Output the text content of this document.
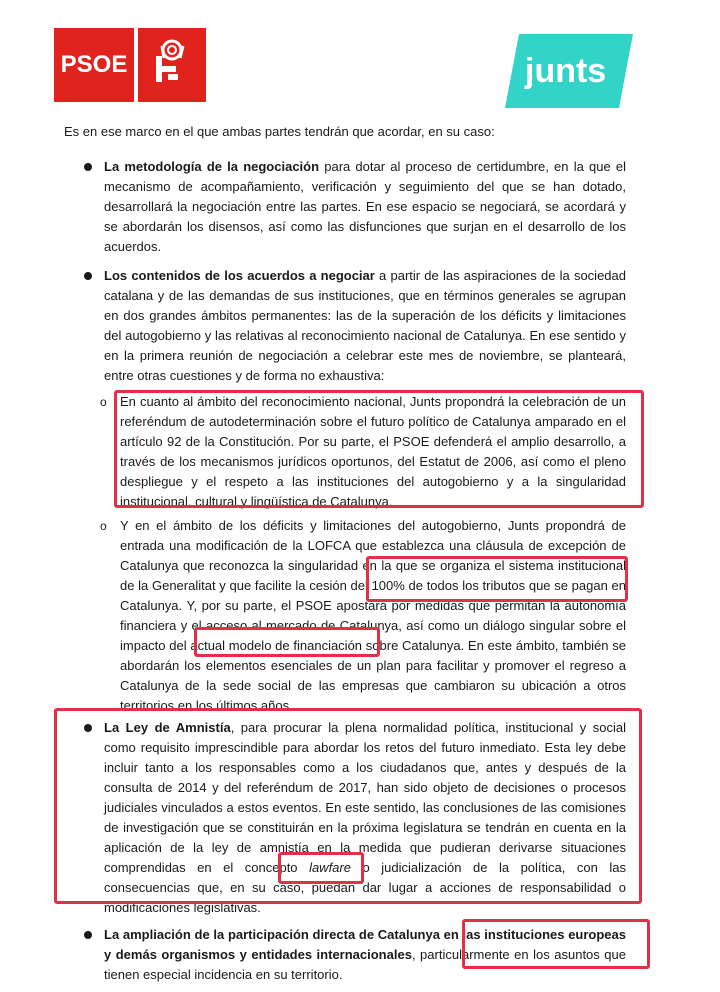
PSOE	junts
Es en ese marco en el que ambas partes tendrán que acordar, en su caso:
La metodología de la negociación para dotar al proceso de certidumbre, en la que el mecanismo de acompañamiento, verificación y seguimiento del que se han dotado, desarrollará la negociación entre las partes. En ese espacio se negociará, se acordará y se abordarán los disensos, así como las disfunciones que surjan en el desarrollo de los acuerdos.
Los contenidos de los acuerdos a negociar a partir de las aspiraciones de la sociedad catalana y de las demandas de sus instituciones, que en términos generales se agrupan en dos grandes ámbitos permanentes: las de la superación de los déficits y limitaciones del autogobierno y las relativas al reconocimiento nacional de Catalunya. En ese sentido y en la primera reunión de negociación a celebrar este mes de noviembre, se planteará, entre otras cuestiones y de forma no exhaustiva:
o En cuanto al ámbito del reconocimiento nacional, Junts propondrá la celebración de un referéndum de autodeterminación sobre el futuro político de Catalunya amparado en el artículo 92 de la Constitución. Por su parte, el PSOE defenderá el amplio desarrollo, a través de los mecanismos jurídicos oportunos, del Estatut de 2006, así como el pleno despliegue y el respeto a las instituciones del autogobierno y a la singularidad institucional, cultural y lingüística de Catalunya.
o Y en el ámbito de los déficits y limitaciones del autogobierno, Junts propondrá de entrada una modificación de la LOFCA que establezca una cláusula de excepción de Catalunya que reconozca la singularidad en la que se organiza el sistema institucional de la Generalitat y que facilite la cesión del 100% de todos los tributos que se pagan en Catalunya. Y, por su parte, el PSOE apostará por medidas que permitan la autonomía financiera y el acceso al mercado de Catalunya, así como un diálogo singular sobre el impacto del actual modelo de financiación sobre Catalunya. En este ámbito, también se abordarán los elementos esenciales de un plan para facilitar y promover el regreso a Catalunya de la sede social de las empresas que cambiaron su ubicación a otros territorios en los últimos años.
La Ley de Amnistía, para procurar la plena normalidad política, institucional y social como requisito imprescindible para abordar los retos del futuro inmediato. Esta ley debe incluir tanto a los responsables como a los ciudadanos que, antes y después de la consulta de 2014 y del referéndum de 2017, han sido objeto de decisiones o procesos judiciales vinculados a estos eventos. En este sentido, las conclusiones de las comisiones de investigación que se constituirán en la próxima legislatura se tendrán en cuenta en la aplicación de la ley de amnistía en la medida que pudieran derivarse situaciones comprendidas en el concepto lawfare o judicialización de la política, con las consecuencias que, en su caso, puedan dar lugar a acciones de responsabilidad o modificaciones legislativas.
La ampliación de la participación directa de Catalunya en las instituciones europeas y demás organismos y entidades internacionales, particularmente en los asuntos que tienen especial incidencia en su territorio.
